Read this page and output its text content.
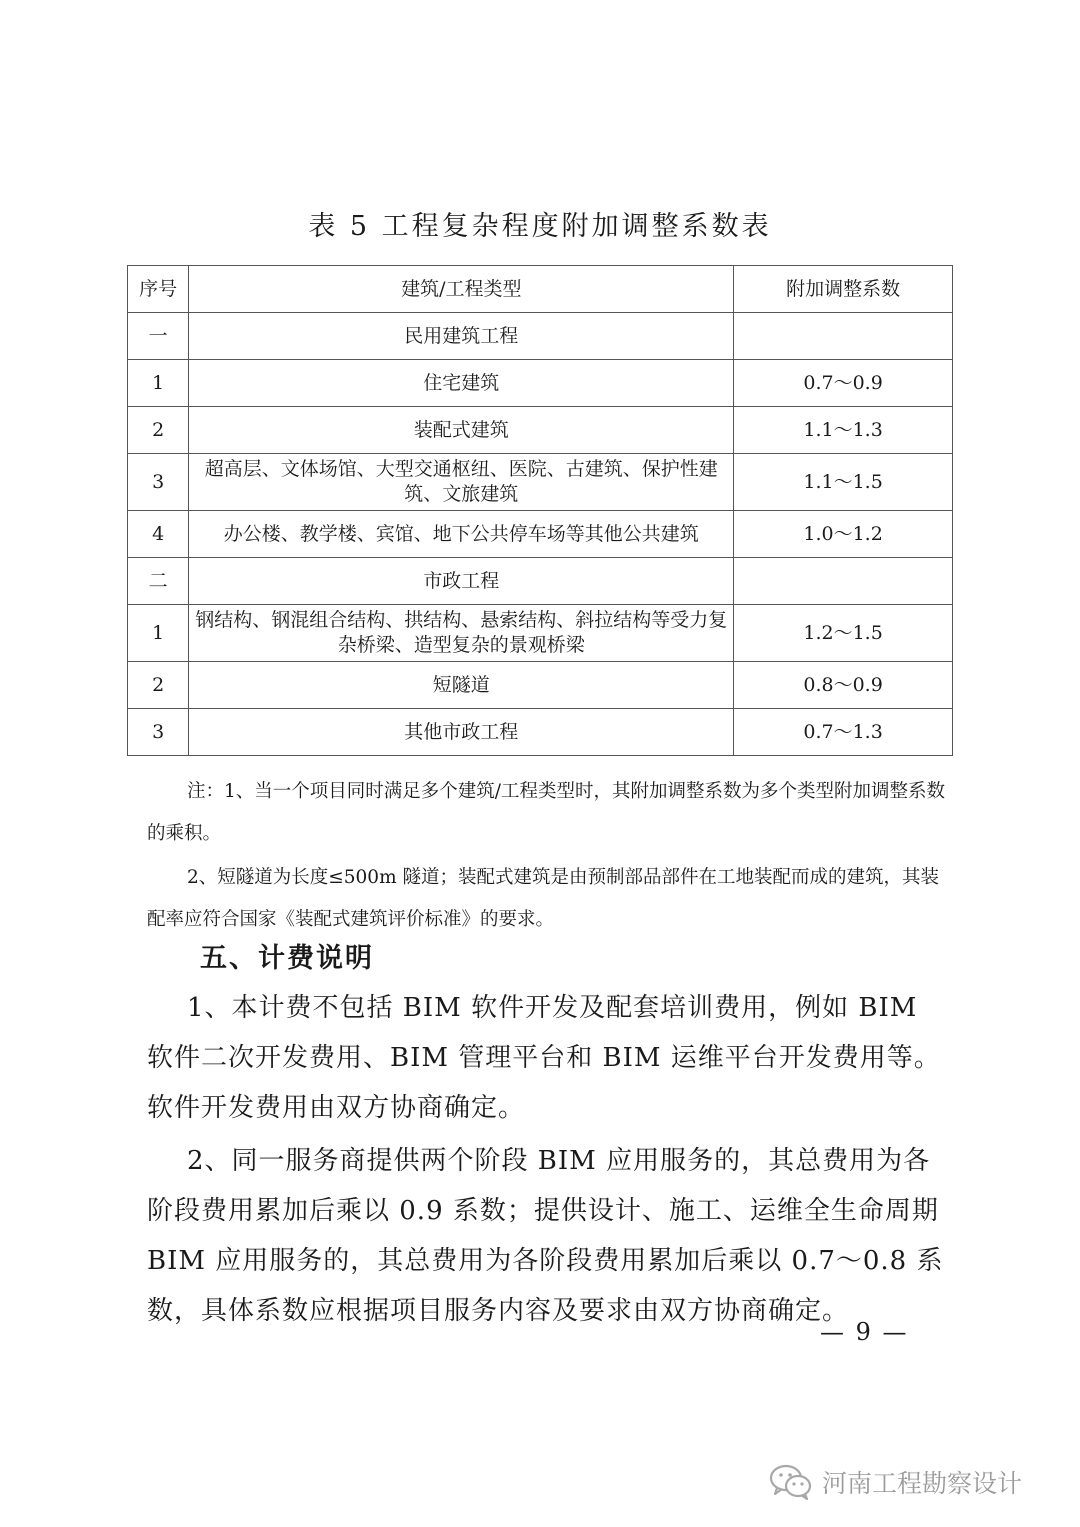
表 5 工程复杂程度附加调整系数表
序号	建筑/工程类型	附加调整系数
一	民用建筑工程	
1	住宅建筑	0.7～0.9
2	装配式建筑	1.1～1.3
3	超高层、文体场馆、大型交通枢纽、医院、古建筑、保护性建筑、文旅建筑	1.1～1.5
4	办公楼、教学楼、宾馆、地下公共停车场等其他公共建筑	1.0～1.2
二	市政工程	
1	钢结构、钢混组合结构、拱结构、悬索结构、斜拉结构等受力复杂桥梁、造型复杂的景观桥梁	1.2～1.5
2	短隧道	0.8～0.9
3	其他市政工程	0.7～1.3

注：1、当一个项目同时满足多个建筑/工程类型时，其附加调整系数为多个类型附加调整系数的乘积。

2、短隧道为长度≤500m 隧道；装配式建筑是由预制部品部件在工地装配而成的建筑，其装配率应符合国家《装配式建筑评价标准》的要求。

五、计费说明

1、本计费不包括 BIM 软件开发及配套培训费用，例如 BIM 软件二次开发费用、BIM 管理平台和 BIM 运维平台开发费用等。软件开发费用由双方协商确定。

2、同一服务商提供两个阶段 BIM 应用服务的，其总费用为各阶段费用累加后乘以 0.9 系数；提供设计、施工、运维全生命周期 BIM 应用服务的，其总费用为各阶段费用累加后乘以 0.7～0.8 系数，具体系数应根据项目服务内容及要求由双方协商确定。

— 9 —
河南工程勘察设计
